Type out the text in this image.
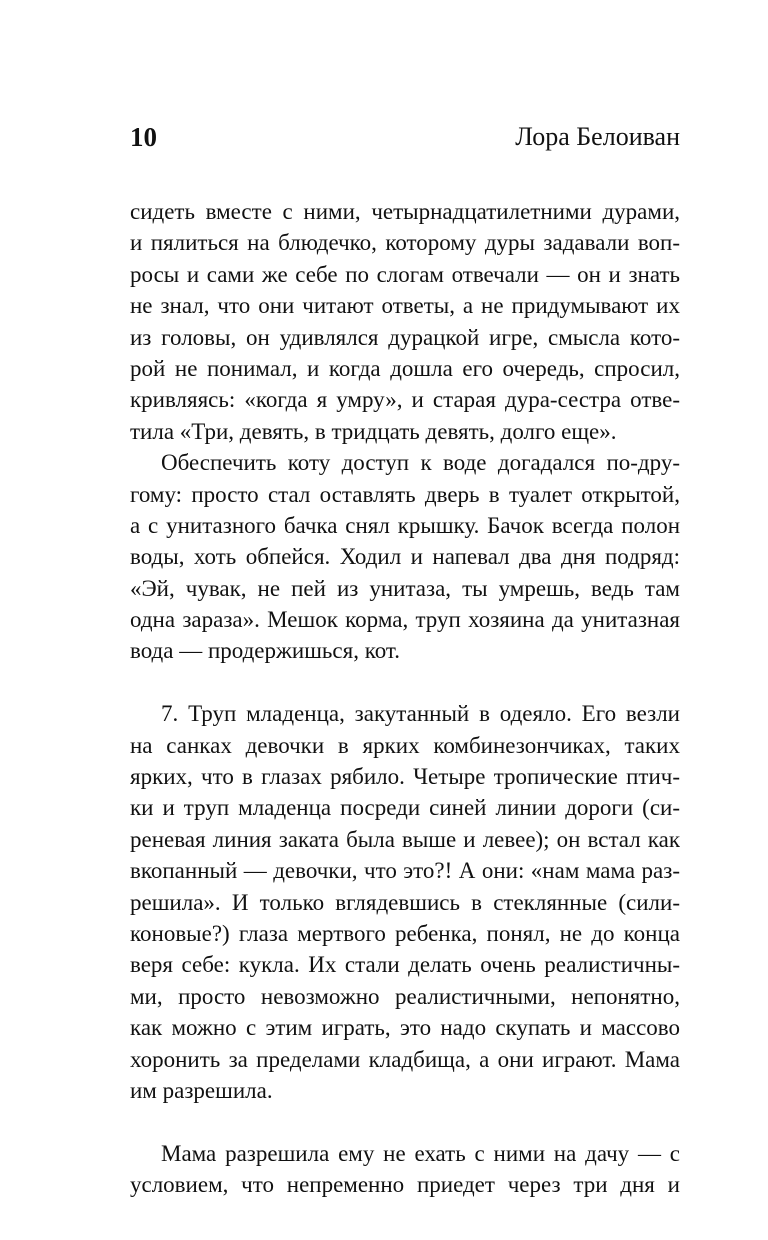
10	Лора Белоиван
сидеть вместе с ними, четырнадцатилетними дурами,
и пялиться на блюдечко, которому дуры задавали воп-
росы и сами же себе по слогам отвечали — он и знать
не знал, что они читают ответы, а не придумывают их
из головы, он удивлялся дурацкой игре, смысла кото-
рой не понимал, и когда дошла его очередь, спросил,
кривляясь: «когда я умру», и старая дура-сестра отве-
тила «Три, девять, в тридцать девять, долго еще».
Обеспечить коту доступ к воде догадался по-дру-
гому: просто стал оставлять дверь в туалет открытой,
а с унитазного бачка снял крышку. Бачок всегда полон
воды, хоть обпейся. Ходил и напевал два дня подряд:
«Эй, чувак, не пей из унитаза, ты умрешь, ведь там
одна зараза». Мешок корма, труп хозяина да унитазная
вода — продержишься, кот.
7. Труп младенца, закутанный в одеяло. Его везли
на санках девочки в ярких комбинезончиках, таких
ярких, что в глазах рябило. Четыре тропические птич-
ки и труп младенца посреди синей линии дороги (си-
реневая линия заката была выше и левее); он встал как
вкопанный — девочки, что это?! А они: «нам мама раз-
решила». И только вглядевшись в стеклянные (сили-
коновые?) глаза мертвого ребенка, понял, не до конца
веря себе: кукла. Их стали делать очень реалистичны-
ми, просто невозможно реалистичными, непонятно,
как можно с этим играть, это надо скупать и массово
хоронить за пределами кладбища, а они играют. Мама
им разрешила.
Мама разрешила ему не ехать с ними на дачу — с
условием, что непременно приедет через три дня и
